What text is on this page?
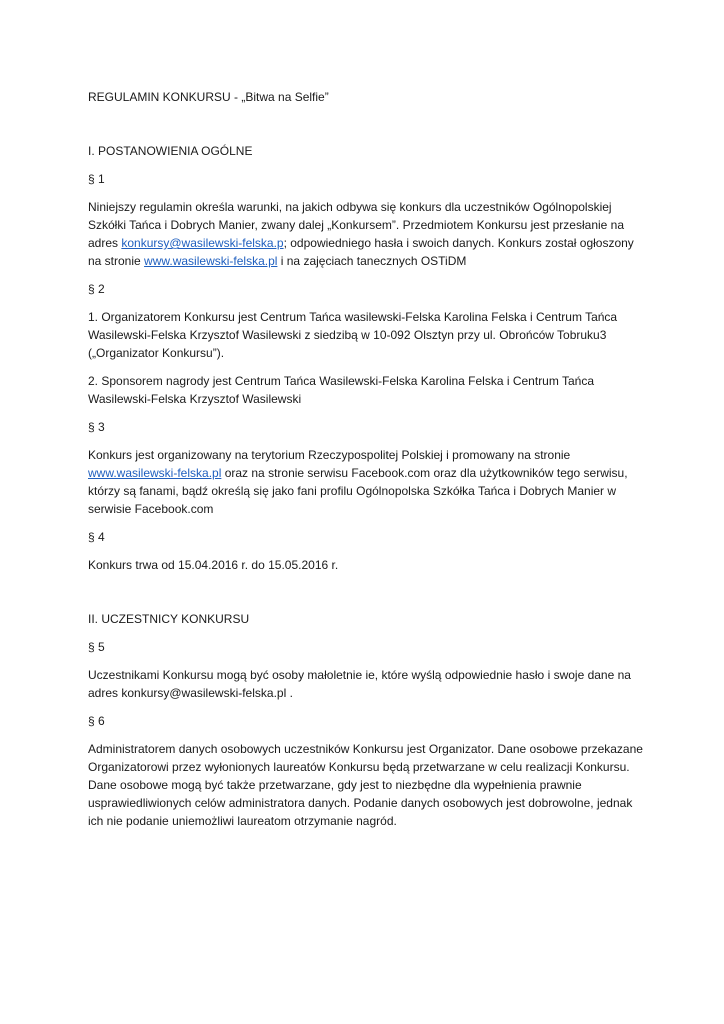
REGULAMIN KONKURSU - „Bitwa na Selfie”

I. POSTANOWIENIA OGÓLNE

§ 1

Niniejszy regulamin określa warunki, na jakich odbywa się konkurs dla uczestników Ogólnopolskiej Szkółki Tańca i Dobrych Manier, zwany dalej „Konkursem”. Przedmiotem Konkursu jest przesłanie na adres konkursy@wasilewski-felska.p; odpowiedniego hasła i swoich danych. Konkurs został ogłoszony na stronie www.wasilewski-felska.pl i na zajęciach tanecznych OSTiDM

§ 2

1. Organizatorem Konkursu jest Centrum Tańca wasilewski-Felska Karolina Felska i Centrum Tańca Wasilewski-Felska Krzysztof Wasilewski z siedzibą w 10-092 Olsztyn przy ul. Obrońców Tobruku3 („Organizator Konkursu”).

2. Sponsorem nagrody jest Centrum Tańca Wasilewski-Felska Karolina Felska i Centrum Tańca Wasilewski-Felska Krzysztof Wasilewski

§ 3

Konkurs jest organizowany na terytorium Rzeczypospolitej Polskiej i promowany na stronie www.wasilewski-felska.pl oraz na stronie serwisu Facebook.com oraz dla użytkowników tego serwisu, którzy są fanami, bądź określą się jako fani profilu Ogólnopolska Szkółka Tańca i Dobrych Manier w serwisie Facebook.com

§ 4

Konkurs trwa od 15.04.2016 r. do 15.05.2016 r.

II. UCZESTNICY KONKURSU

§ 5

Uczestnikami Konkursu mogą być osoby małoletnie ie, które wyślą odpowiednie hasło i swoje dane na adres konkursy@wasilewski-felska.pl .

§ 6

Administratorem danych osobowych uczestników Konkursu jest Organizator. Dane osobowe przekazane Organizatorowi przez wyłonionych laureatów Konkursu będą przetwarzane w celu realizacji Konkursu. Dane osobowe mogą być także przetwarzane, gdy jest to niezbędne dla wypełnienia prawnie usprawiedliwionych celów administratora danych. Podanie danych osobowych jest dobrowolne, jednak ich nie podanie uniemożliwi laureatom otrzymanie nagród.
